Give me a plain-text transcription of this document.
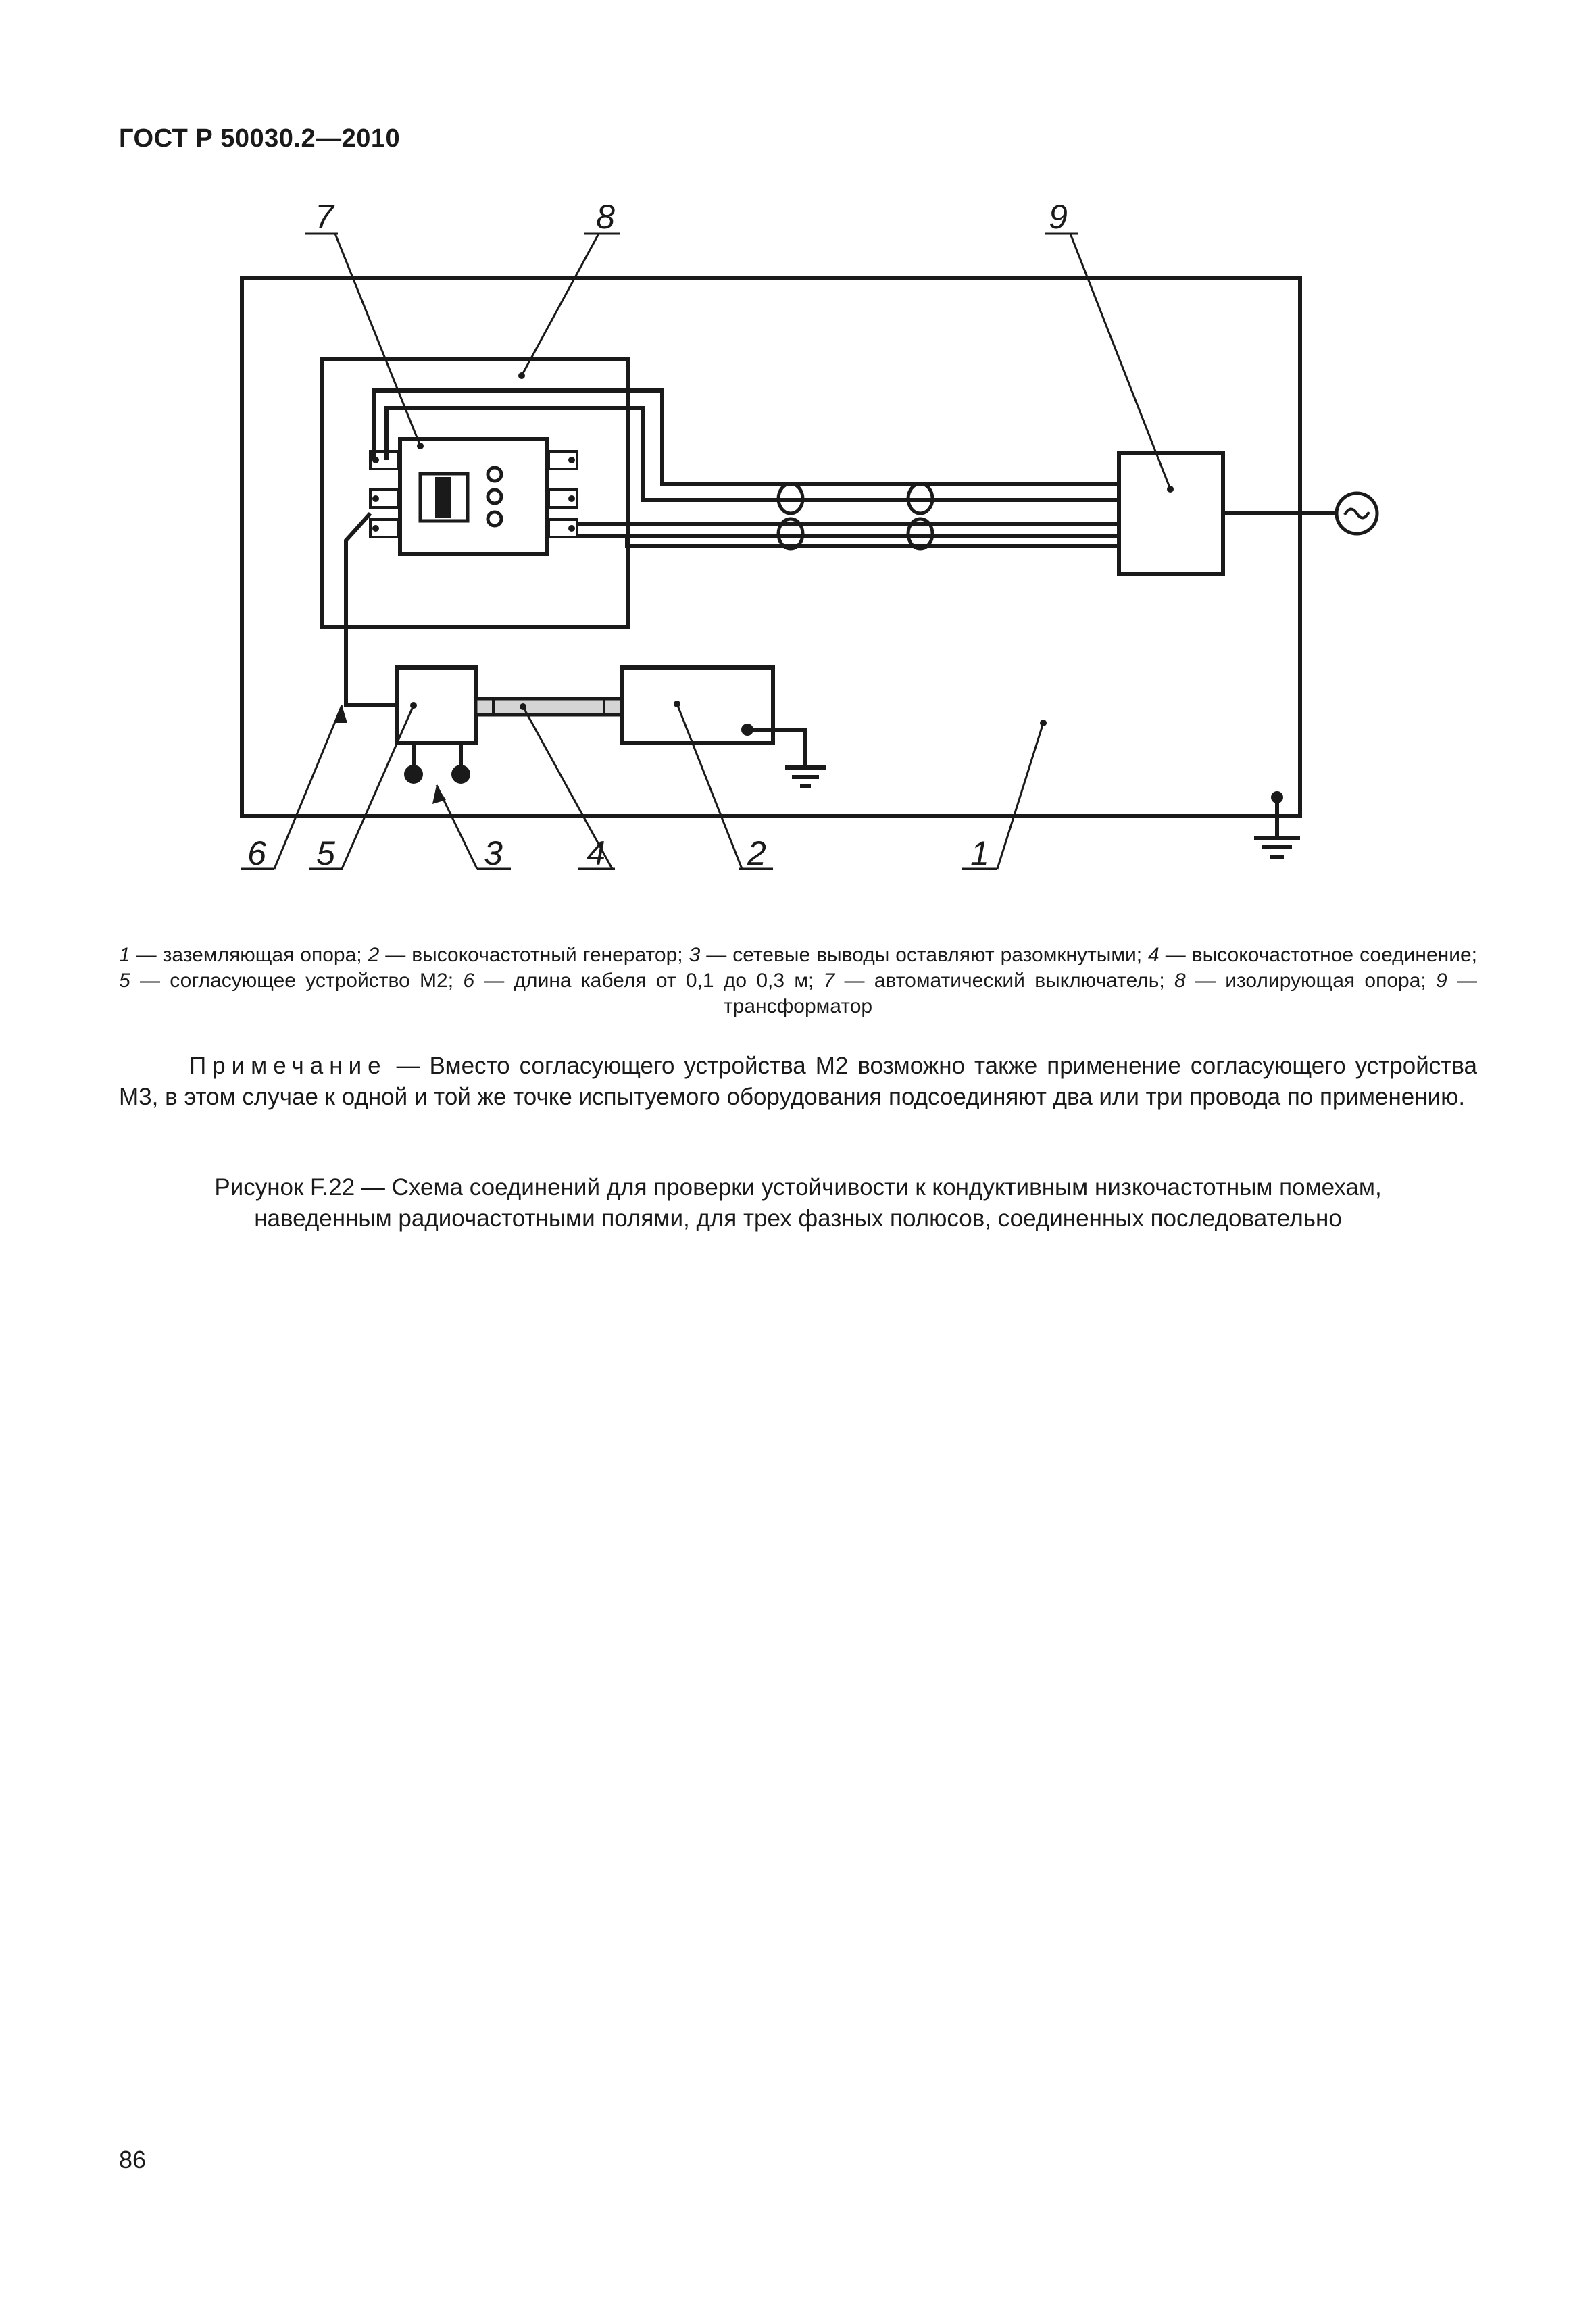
ГОСТ Р 50030.2—2010
7	8	9
6 5	3 4	2	1
1 — заземляющая опора; 2 — высокочастотный генератор; 3 — сетевые выводы оставляют разомкнутыми; 4 — высокочастотное соединение; 5 — согласующее устройство М2; 6 — длина кабеля от 0,1 до 0,3 м; 7 — автоматический выключатель; 8 — изолирующая опора; 9 — трансформатор
Примечание — Вместо согласующего устройства М2 возможно также применение согласующего устройства М3, в этом случае к одной и той же точке испытуемого оборудования подсоединяют два или три провода по применению.
Рисунок F.22 — Схема соединений для проверки устойчивости к кондуктивным низкочастотным помехам,
наведенным радиочастотными полями, для трех фазных полюсов, соединенных последовательно
86
